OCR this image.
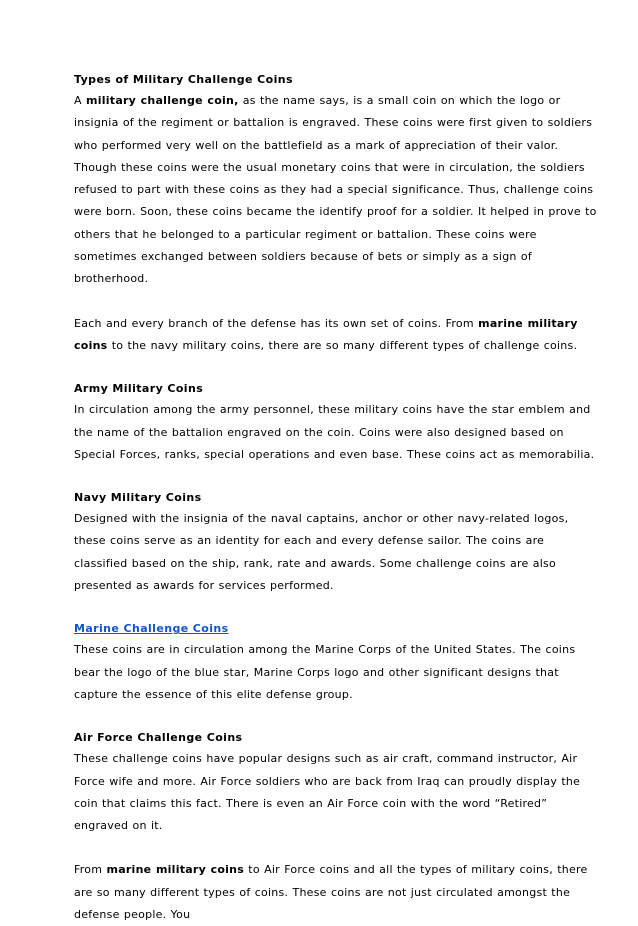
Types of Military Challenge Coins

A military challenge coin, as the name says, is a small coin on which the logo or insignia of the regiment or battalion is engraved. These coins were first given to soldiers who performed very well on the battlefield as a mark of appreciation of their valor. Though these coins were the usual monetary coins that were in circulation, the soldiers refused to part with these coins as they had a special significance. Thus, challenge coins were born. Soon, these coins became the identify proof for a soldier. It helped in prove to others that he belonged to a particular regiment or battalion. These coins were sometimes exchanged between soldiers because of bets or simply as a sign of brotherhood.

Each and every branch of the defense has its own set of coins. From marine military coins to the navy military coins, there are so many different types of challenge coins.

Army Military Coins

In circulation among the army personnel, these military coins have the star emblem and the name of the battalion engraved on the coin. Coins were also designed based on Special Forces, ranks, special operations and even base. These coins act as memorabilia.

Navy Military Coins

Designed with the insignia of the naval captains, anchor or other navy-related logos, these coins serve as an identity for each and every defense sailor. The coins are classified based on the ship, rank, rate and awards. Some challenge coins are also presented as awards for services performed.

Marine Challenge Coins

These coins are in circulation among the Marine Corps of the United States. The coins bear the logo of the blue star, Marine Corps logo and other significant designs that capture the essence of this elite defense group.

Air Force Challenge Coins

These challenge coins have popular designs such as air craft, command instructor, Air Force wife and more. Air Force soldiers who are back from Iraq can proudly display the coin that claims this fact. There is even an Air Force coin with the word “Retired” engraved on it.

From marine military coins to Air Force coins and all the types of military coins, there are so many different types of coins. These coins are not just circulated amongst the defense people. You
